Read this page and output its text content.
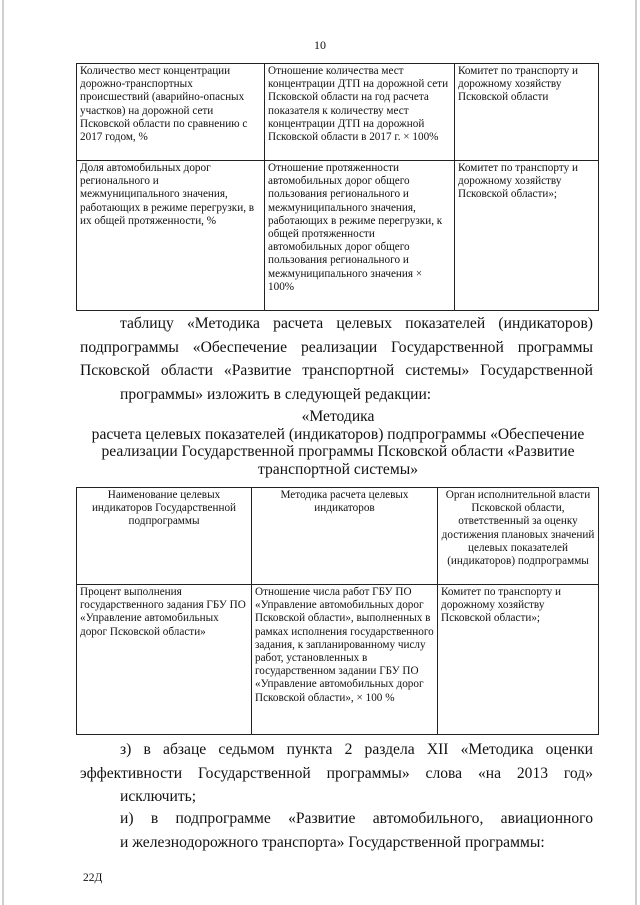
10
Количество мест концентрации дорожно-транспортных происшествий (аварийно-опасных участков) на дорожной сети Псковской области по сравнению с 2017 годом, %	Отношение количества мест концентрации ДТП на дорожной сети Псковской области на год расчета показателя к количеству мест концентрации ДТП на дорожной Псковской области в 2017 г. × 100%	Комитет по транспорту и дорожному хозяйству Псковской области
Доля автомобильных дорог регионального и межмуниципального значения, работающих в режиме перегрузки, в их общей протяженности, %	Отношение протяженности автомобильных дорог общего пользования регионального и межмуниципального значения, работающих в режиме перегрузки, к общей протяженности автомобильных дорог общего пользования регионального и межмуниципального значения × 100%	Комитет по транспорту и дорожному хозяйству Псковской области»;
таблицу «Методика расчета целевых показателей (индикаторов) подпрограммы «Обеспечение реализации Государственной программы Псковской области «Развитие транспортной системы» Государственной
программы» изложить в следующей редакции:
«Методика
расчета целевых показателей (индикаторов) подпрограммы «Обеспечение
реализации Государственной программы Псковской области «Развитие
транспортной системы»
Наименование целевых индикаторов Государственной подпрограммы	Методика расчета целевых индикаторов	Орган исполнительной власти Псковской области, ответственный за оценку достижения плановых значений целевых показателей (индикаторов) подпрограммы
Процент выполнения государственного задания ГБУ ПО «Управление автомобильных дорог Псковской области»	Отношение числа работ ГБУ ПО «Управление автомобильных дорог Псковской области», выполненных в рамках исполнения государственного задания, к запланированному числу работ, установленных в государственном задании ГБУ ПО «Управление автомобильных дорог Псковской области», × 100 %	Комитет по транспорту и дорожному хозяйству Псковской области»;
з) в абзаце седьмом пункта 2 раздела XII «Методика оценки эффективности Государственной программы» слова «на 2013 год»
исключить;
и) в подпрограмме «Развитие автомобильного, авиационного
и железнодорожного транспорта» Государственной программы:
22Д
